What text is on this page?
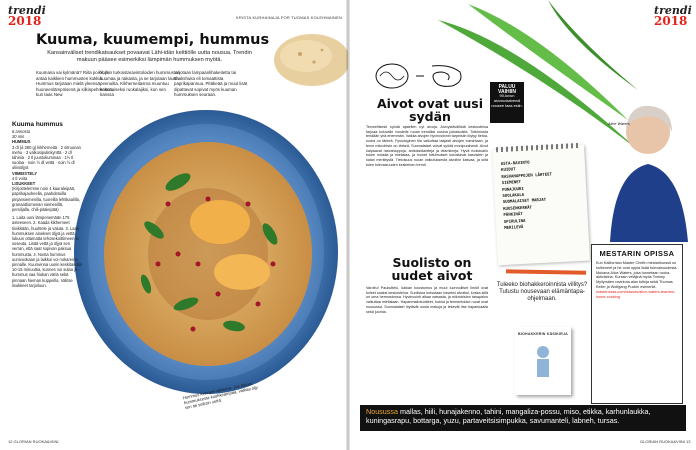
trendi
2018	KRISTA KURHAINAJA FOR TUOMAS KOLEHMAINEN
Kuuma, kuumempi, hummus
Kansainväliset trendikatsaukset povaavat Lähi-idän keittiölle uutta nousua. Trendin makuun pääsee esimerkiksi lämpimän hummuksen myötä.
Kuumana vai kylmänä? Riita poikii, ja antaa kaikkien hummusten kukkia. Hummus tarjotaan mielä yleensä huoneenlämpöisenä ja silkinpehmeänä, kun taas New
Yorkin turkoistaravintoloiden humimus on kuumaa ja raikasta, ja se tarjotaan lautta pennuilta. Kikherneitasma muuntuu kokonaiseksi ruokalajiksi, kun sen kanssa
tarjotaan lampaanlihakeitetta tai shakshuka eli tomaattista paprikapannua. Pitäkeää ja muut lisät dipattavat sopivat myös kuuman hummuksen seuraan.
Kuuma hummus
6 annosta
30 min
HUMMUS
3 dl (á 380 g) kikherneitä · 2 sitruunan mehu · 3 valkosipulinkynttä · 2 dl tahinia · 2 tl juustokuminaa · 1½ tl suolaa · noin ½ dl vettä · noin ½ dl oliiviöljyä
VIIMEISTELY
4 tl voita
LISUKKEET
(Kirjoittelemme noin 4 kauraleipää, paprikajauheella, paahdetuilla pinjansiemenilla, tuoreilla lehtikaalilla, granaattiomenan siemenillä, persiljalla, chili-pitaleipää)
1. Laita uuni lämpenemään 175 asteeseen. 2. Kaada kikherneet tiivikkään, huuhtele ja valuta. 3. Laita hummuksen ainekset öljyä ja vettä lukuun ottamatta tehosekoittimeen ja soseuta. Lisää vettä ja öljyä sen verran, että saat sopivan paksua hummusta. 4. Nosta hummus uunivuokaan ja laikkoi voi nokareina pinnalle. Kuumenna uunin keskitasolla 10-15 minuuttia, kunnes voi sulaa ja hummus saa hiukan väriä sekä pinnaan hieman kuppeilla. Valitse lisukkeet tarjoiluun.
Hummus kiistojen aiheena. Jos haluat hummuksesta kuohkeampaa, vatkaa öljy sen tai seiksin vettä.
12 GLORIAN RUOKA&VIINI
trendi
2018
Aivot ovat uusi sydän
Terveellisesti syödä ajatellen nyt aivoja. Aivoystävällistä keskustelua tarjoaa kuluvalle vuodelle ruoan trendiksi uusina julkaisuista. Tutkimusta tehdään yhä enemmän. Vaikka aivojen hyvinvoinnin tarpeisiin löytyy tietoa, ruoka on tärkeä. Fysiologinen tila vaikuttaa laajasti aivojen toimintaan, ja terve mikrobisto on tärkeä. Suomalaiset voivat syödä monipuolisesti. Aivot kaipaavat rasvahappoja, antioksidantteja ja vitamiineja. Hyvä ruokavalio tukee muistia ja mielialaa, ja monet tutkimukset korostavat kasvisten ja kalan merkitystä. Tietoisuus ruoan vaikutuksesta aivoihin kasvaa, ja siitä tulee tulevaisuuden keskeinen trendi.
PALUU VAIHIIN
90-luvun aivoruokatrendi nousee taas esiin.
Suolisto on uudet aivot
Varottu! Paukuttelu, kaikan koostumus ja muut luonnolliset ilmiöt ovat tulleet osaksi keskustelua. Suolistoa kutsutaan toiseksi aivoiksi, koska sillä on oma hermostonsa. Hyvinvointi alkaa vatsasta, ja mikrobiston tasapaino vaikuttaa mielialaan. Hapanmaitotuotteet, kuidut ja fermentoidut ruoat ovat nousussa. Suomalaiset löytävät uusia makuja ja tekevät itse hapankaalia sekä juomia.
ASTA-RAVINTO
KUIDUT
RASVAHAPPOJEN LÄHTEET
SIEMENET
PUNAJUURI
SUOLAKALA
SUOMALAISET MARJAT
KUUSENKERKÄT
PÄHKINÄT
SPIRULINA
MERILEVÄ
Tuleeko biohakkeroinnista villitys? Tutustu nousevaan elämäntapa-ohjelmaan.
BIOHAKKERIN KÄSIKIRJA
Alice Waters
MESTARIN OPISSA
Kun Kalifornian Master Chefin mestarikurssit on kulkeneet ja he ovat oppia lisää tulevaisuudesta. Mukana Alice Waters, joka tunnetaan ruoka-aktivistina. Kurssin vetäjinä myös Tommy Myllymäen ravintola-alan tutkija sekä Thomas Keller ja Wolfgang Puckin esimerkit.
masterclass.com/classes/alice-waters-teaches-home-cooking
Nousussa mallas, hiili, hunajakenno, tahini, mangaliza-possu, miso, etikka, karhunlaukka, kuningasrapu, bottarga, yuzu, partaveitsisimpukka, savumanteli, labneh, tursas.
GLORIAN RUOKA&VIINI 13
